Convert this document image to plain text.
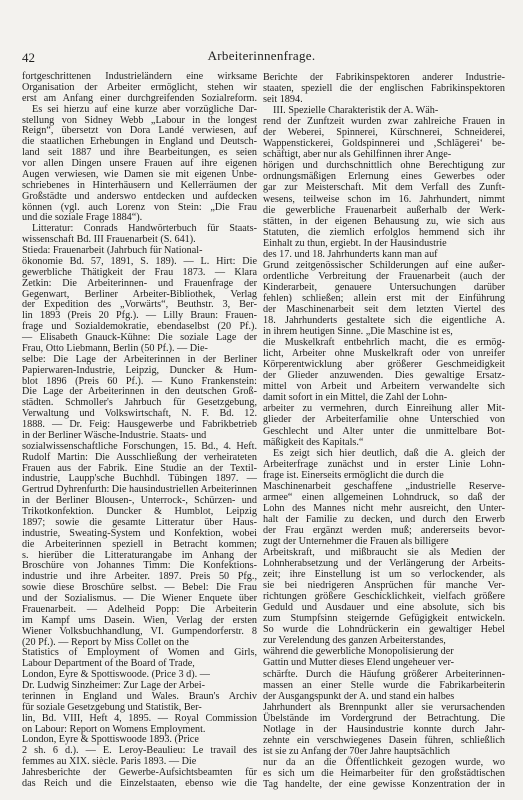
42	Arbeiterinnenfrage.
fortgeschrittenen Industrieländern eine wirksame
Organisation der Arbeiter ermöglicht, stehen wir
erst am Anfang einer durchgreifenden Sozialreform.
Es sei hierzu auf eine kurze aber vorzügliche Dar-
stellung von Sidney Webb „Labour in the longest
Reign“, übersetzt von Dora Landé verwiesen, auf
die staatlichen Erhebungen in England und Deutsch-
land seit 1887 und ihre Bearbeitungen, es seien
vor allen Dingen unsere Frauen auf ihre eigenen
Augen verwiesen, wie Damen sie mit eigenen Unbe-
schriebenes in Hinterhäusern und Kellerräumen der
Großstädte und anderswo entdecken und aufdecken
können (vgl. auch Lorenz von Stein: „Die Frau
und die soziale Frage 1884“).
Litteratur: Conrads Handwörterbuch für Staats-
wissenschaft Bd. III Frauenarbeit (S. 641).
Stieda: Frauenarbeit (Jahrbuch für National-
ökonomie Bd. 57, 1891, S. 189). — L. Hirt: Die
gewerbliche Thätigkeit der Frau 1873. — Klara
Zetkin: Die Arbeiterinnen- und Frauenfrage der
Gegenwart, Berliner Arbeiter-Bibliothek, Verlag
der Expedition des „Vorwärts“, Beuthstr. 3, Ber-
lin 1893 (Preis 20 Pfg.). — Lilly Braun: Frauen-
frage und Sozialdemokratie, ebendaselbst (20 Pf.).
— Elisabeth Gnauck-Kühne: Die soziale Lage der
Frau, Otto Liebmann, Berlin (50 Pf.). — Die-
selbe: Die Lage der Arbeiterinnen in der Berliner
Papierwaren-Industrie, Leipzig, Duncker & Hum-
blot 1896 (Preis 60 Pf.). — Kuno Frankenstein:
Die Lage der Arbeiterinnen in den deutschen Groß-
städten. Schmoller's Jahrbuch für Gesetzgebung,
Verwaltung und Volkswirtschaft, N. F. Bd. 12.
1888. — Dr. Feig: Hausgewerbe und Fabrikbetrieb
in der Berliner Wäsche-Industrie. Staats- und
sozialwissenschaftliche Forschungen, 15. Bd., 4. Heft.
Rudolf Martin: Die Ausschließung der verheirateten
Frauen aus der Fabrik. Eine Studie an der Textil-
industrie, Laupp'sche Buchhdl. Tübingen 1897. —
Gertrud Dyhrenfurth: Die hausindustriellen Arbeiterinnen
in der Berliner Blousen-, Unterrock-, Schürzen- und
Trikotkonfektion. Duncker & Humblot, Leipzig
1897; sowie die gesamte Litteratur über Haus-
industrie, Sweating-System und Konfektion, wobei
die Arbeiterinnen speziell in Betracht kommen;
s. hierüber die Litteraturangabe im Anhang der
Broschüre von Johannes Timm: Die Konfektions-
industrie und ihre Arbeiter. 1897. Preis 50 Pfg.,
sowie diese Broschüre selbst. — Bebel: Die Frau
und der Sozialismus. — Die Wiener Enquete über
Frauenarbeit. — Adelheid Popp: Die Arbeiterin
im Kampf ums Dasein. Wien, Verlag der ersten
Wiener Volksbuchhandlung, VI. Gumpendorferstr. 8
(20 Pf.). — Report by Miss Collet on the
Statistics of Employment of Women and Girls,
Labour Department of the Board of Trade,
London, Eyre & Spottiswoode. (Price 3 d). —
Dr. Ludwig Sinzheimer: Zur Lage der Arbei-
terinnen in England und Wales. Braun's Archiv
für soziale Gesetzgebung und Statistik, Ber-
lin, Bd. VIII, Heft 4, 1895. — Royal Commission
on Labour: Report on Womens Employment.
London, Eyre & Spottiswoode 1893. (Price
2 sh. 6 d.). — E. Leroy-Beaulieu: Le travail des
femmes au XIX. siècle. Paris 1893. — Die
Jahresberichte der Gewerbe-Aufsichtsbeamten für
das Reich und die Einzelstaaten, ebenso wie die
Berichte der Fabrikinspektoren anderer Industrie-
staaten, speziell die der englischen Fabrikinspektoren
seit 1894.
III. Spezielle Charakteristik der A. Wäh-
rend der Zunftzeit wurden zwar zahlreiche Frauen in
der Weberei, Spinnerei, Kürschnerei, Schneiderei,
Wappenstickerei, Goldspinnerei und ‚Schlägerei‘ be-
schäftigt, aber nur als Gehilfinnen ihrer Ange-
hörigen und durchschnittlich ohne Berechtigung zur
ordnungsmäßigen Erlernung eines Gewerbes oder
gar zur Meisterschaft. Mit dem Verfall des Zunft-
wesens, teilweise schon im 16. Jahrhundert, nimmt
die gewerbliche Frauenarbeit außerhalb der Werk-
stätten, in der eigenen Behausung zu, wie sich aus
Statuten, die ziemlich erfolglos hemmend sich ihr
Einhalt zu thun, ergiebt. In der Hausindustrie
des 17. und 18. Jahrhunderts kann man auf
Grund zeitgenössischer Schilderungen auf eine außer-
ordentliche Verbreitung der Frauenarbeit (auch der
Kinderarbeit, genauere Untersuchungen darüber
fehlen) schließen; allein erst mit der Einführung
der Maschinenarbeit seit dem letzten Viertel des
18. Jahrhunderts gestaltete sich die eigentliche A.
in ihrem heutigen Sinne. „Die Maschine ist es,
die Muskelkraft entbehrlich macht, die es ermög-
licht, Arbeiter ohne Muskelkraft oder von unreifer
Körperentwicklung aber größerer Geschmeidigkeit
der Glieder anzuwenden. Dies gewaltige Ersatz-
mittel von Arbeit und Arbeitern verwandelte sich
damit sofort in ein Mittel, die Zahl der Lohn-
arbeiter zu vermehren, durch Einreihung aller Mit-
glieder der Arbeiterfamilie ohne Unterschied von
Geschlecht und Alter unter die unmittelbare Bot-
mäßigkeit des Kapitals.“
Es zeigt sich hier deutlich, daß die A. gleich der
Arbeiterfrage zunächst und in erster Linie Lohn-
frage ist. Einerseits ermöglicht die durch die
Maschinenarbeit geschaffene „industrielle Reserve-
armee“ einen allgemeinen Lohndruck, so daß der
Lohn des Mannes nicht mehr ausreicht, den Unter-
halt der Familie zu decken, und durch den Erwerb
der Frau ergänzt werden muß; andererseits bevor-
zugt der Unternehmer die Frauen als billigere
Arbeitskraft, und mißbraucht sie als Medien der
Lohnherabsetzung und der Verlängerung der Arbeits-
zeit; ihre Einstellung ist um so verlockender, als
sie bei niedrigeren Ansprüchen für manche Ver-
richtungen größere Geschicklichkeit, vielfach größere
Geduld und Ausdauer und eine absolute, sich bis
zum Stumpfsinn steigernde Gefügigkeit entwickeln.
So wurde die Lohndrückerin ein gewaltiger Hebel
zur Verelendung des ganzen Arbeiterstandes,
während die gewerbliche Monopolisierung der
Gattin und Mutter dieses Elend ungeheuer ver-
schärfte. Durch die Häufung größerer Arbeiterinnen-
massen an einer Stelle wurde die Fabrikarbeiterin
der Ausgangspunkt der A. und stand ein halbes
Jahrhundert als Brennpunkt aller sie verursachenden
Übelstände im Vordergrund der Betrachtung. Die
Notlage in der Hausindustrie konnte durch Jahr-
zehnte ein verschwiegenes Dasein führen, schließlich
ist sie zu Anfang der 70er Jahre hauptsächlich
nur da an die Öffentlichkeit gezogen wurde, wo
es sich um die Heimarbeiter für den großstädtischen
Tag handelte, der eine gewisse Konzentration der in
